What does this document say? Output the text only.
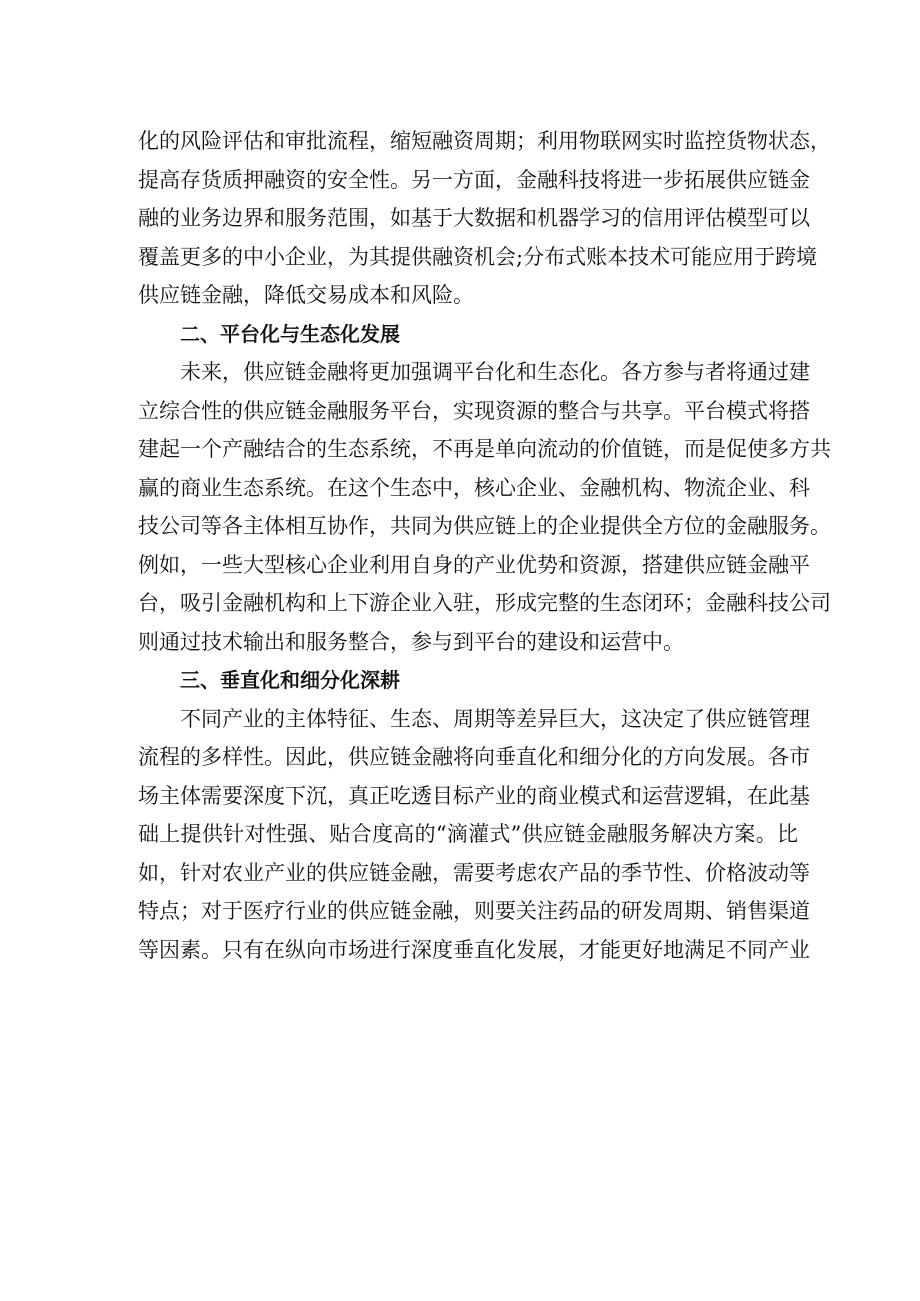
化的风险评估和审批流程，缩短融资周期；利用物联网实时监控货物状态，
提高存货质押融资的安全性。另一方面，金融科技将进一步拓展供应链金
融的业务边界和服务范围，如基于大数据和机器学习的信用评估模型可以
覆盖更多的中小企业，为其提供融资机会;分布式账本技术可能应用于跨境
供应链金融，降低交易成本和风险。
二、平台化与生态化发展
未来，供应链金融将更加强调平台化和生态化。各方参与者将通过建
立综合性的供应链金融服务平台，实现资源的整合与共享。平台模式将搭
建起一个产融结合的生态系统，不再是单向流动的价值链，而是促使多方共
赢的商业生态系统。在这个生态中，核心企业、金融机构、物流企业、科
技公司等各主体相互协作，共同为供应链上的企业提供全方位的金融服务。
例如，一些大型核心企业利用自身的产业优势和资源，搭建供应链金融平
台，吸引金融机构和上下游企业入驻，形成完整的生态闭环；金融科技公司
则通过技术输出和服务整合，参与到平台的建设和运营中。
三、垂直化和细分化深耕
不同产业的主体特征、生态、周期等差异巨大，这决定了供应链管理
流程的多样性。因此，供应链金融将向垂直化和细分化的方向发展。各市
场主体需要深度下沉，真正吃透目标产业的商业模式和运营逻辑，在此基
础上提供针对性强、贴合度高的“滴灌式”供应链金融服务解决方案。比
如，针对农业产业的供应链金融，需要考虑农产品的季节性、价格波动等
特点；对于医疗行业的供应链金融，则要关注药品的研发周期、销售渠道
等因素。只有在纵向市场进行深度垂直化发展，才能更好地满足不同产业
